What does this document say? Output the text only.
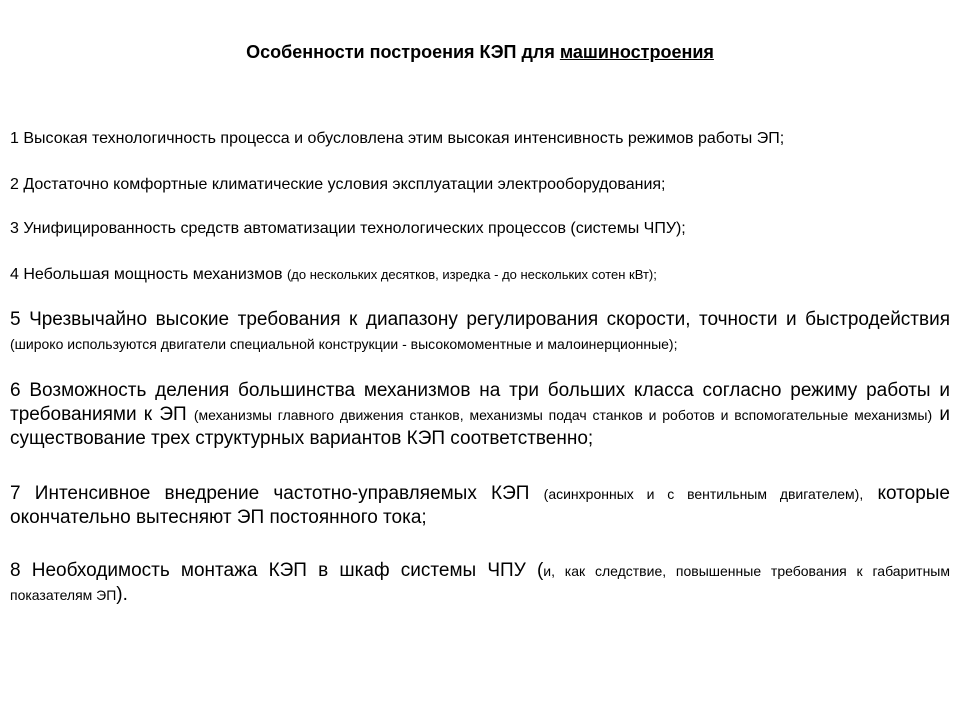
Особенности построения КЭП для машиностроения

1 Высокая технологичность процесса и обусловлена этим высокая интенсивность режимов работы ЭП;

2 Достаточно комфортные климатические условия эксплуатации электрооборудования;

3 Унифицированность средств автоматизации технологических процессов (системы ЧПУ);

4 Небольшая мощность механизмов (до нескольких десятков, изредка - до нескольких сотен кВт);

5 Чрезвычайно высокие требования к диапазону регулирования скорости, точности и быстродействия (широко используются двигатели специальной конструкции - высокомоментные и малоинерционные);

6 Возможность деления большинства механизмов на три больших класса согласно режиму работы и требованиями к ЭП (механизмы главного движения станков, механизмы подач станков и роботов и вспомогательные механизмы) и существование трех структурных вариантов КЭП соответственно;

7 Интенсивное внедрение частотно-управляемых КЭП (асинхронных и с вентильным двигателем), которые окончательно вытесняют ЭП постоянного тока;

8 Необходимость монтажа КЭП в шкаф системы ЧПУ (и, как следствие, повышенные требования к габаритным показателям ЭП).
